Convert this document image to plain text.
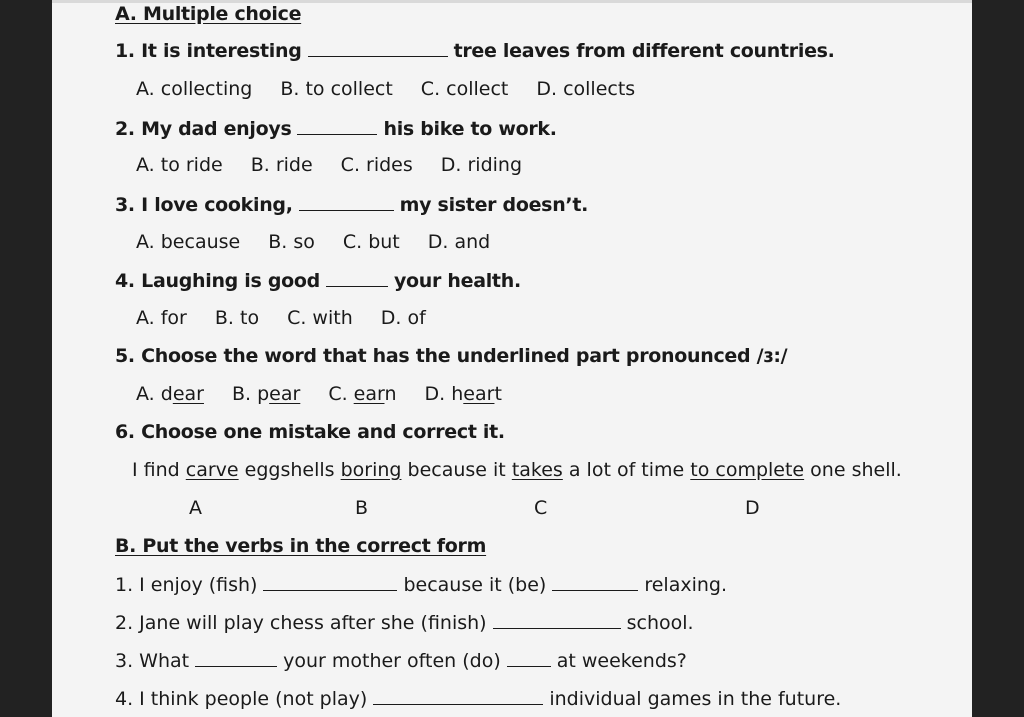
A. Multiple choice
1. It is interesting	tree leaves from different countries.
A. collecting B. to collect C. collect D. collects
2. My dad enjoys	his bike to work.
A. to ride B. ride C. rides D. riding
3. I love cooking,	my sister doesn’t.
A. because B. so C. but D. and
4. Laughing is good	your health.
A. for B. to C. with D. of
5. Choose the word that has the underlined part pronounced /ɜ:/
A. dear B. pear C. earn D. heart
6. Choose one mistake and correct it.
I find carve eggshells boring because it takes a lot of time to complete one shell.
A	B	C	D
B. Put the verbs in the correct form
1. I enjoy (fish)	because it (be)	relaxing.
2. Jane will play chess after she (finish)	school.
3. What	your mother often (do)	at weekends?
4. I think people (not play)	individual games in the future.
